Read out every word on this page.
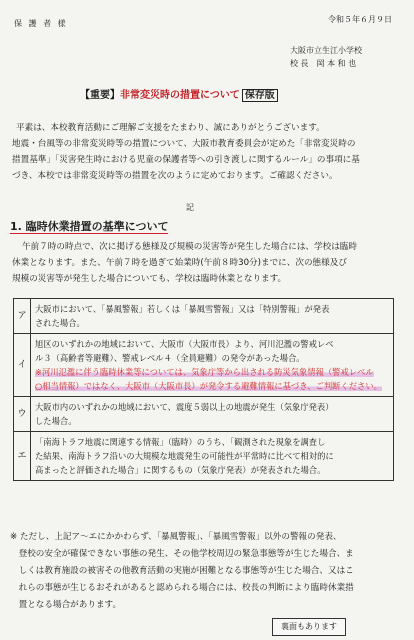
保 護 者 様	令和５年６月９日
大阪市立生江小学校
校 長　岡 本 和 也
【重要】非常変災時の措置について 保存版
平素は、本校教育活動にご理解ご支援をたまわり、誠にありがとうございます。
地震・台風等の非常変災時等の措置について、大阪市教育委員会が定めた「非常変災時の
措置基準」「災害発生時における児童の保護者等への引き渡しに関するルール」の事項に基
づき、本校では非常変災時等の措置を次のように定めております。ご確認ください。
記
1. 臨時休業措置の基準について
午前７時の時点で、次に掲げる態様及び規模の災害等が発生した場合には、学校は臨時
休業となります。また、午前７時を過ぎて始業時(午前８時30分)までに、次の態様及び
規模の災害等が発生した場合についても、学校は臨時休業となります。
ア	大阪市において、「暴風警報」若しくは「暴風雪警報」又は「特別警報」が発表
された場合。

イ	旭区のいずれかの地域において、大阪市（大阪市長）より、河川氾濫の警戒レベ
ル３（高齢者等避難）、警戒レベル４（全員避難）の発令があった場合。
※河川氾濫に伴う臨時休業等については、気象庁等から出される防災気象情報（警戒レベル
○相当情報）ではなく、大阪市（大阪市長）が発令する避難情報に基づき、ご判断ください。

ウ	大阪市内のいずれかの地域において、震度５弱以上の地震が発生（気象庁発表）
した場合。

エ	「南海トラフ地震に関連する情報」（臨時）のうち、「観測された現象を調査し
た結果、南海トラフ沿いの大規模な地震発生の可能性が平常時に比べて相対的に
高まったと評価された場合」に関するもの（気象庁発表）が発表された場合。
※ ただし、上記ア～エにかかわらず、「暴風警報」、「暴風雪警報」以外の警報の発表、
　登校の安全が確保できない事態の発生、その他学校周辺の緊急事態等が生じた場合、ま
　しくは教育施設の被害その他教育活動の実施が困難となる事態等が生じた場合、又はこ
　れらの事態が生じるおそれがあると認められる場合には、校長の判断により臨時休業措
　置となる場合があります。
裏面もあります
